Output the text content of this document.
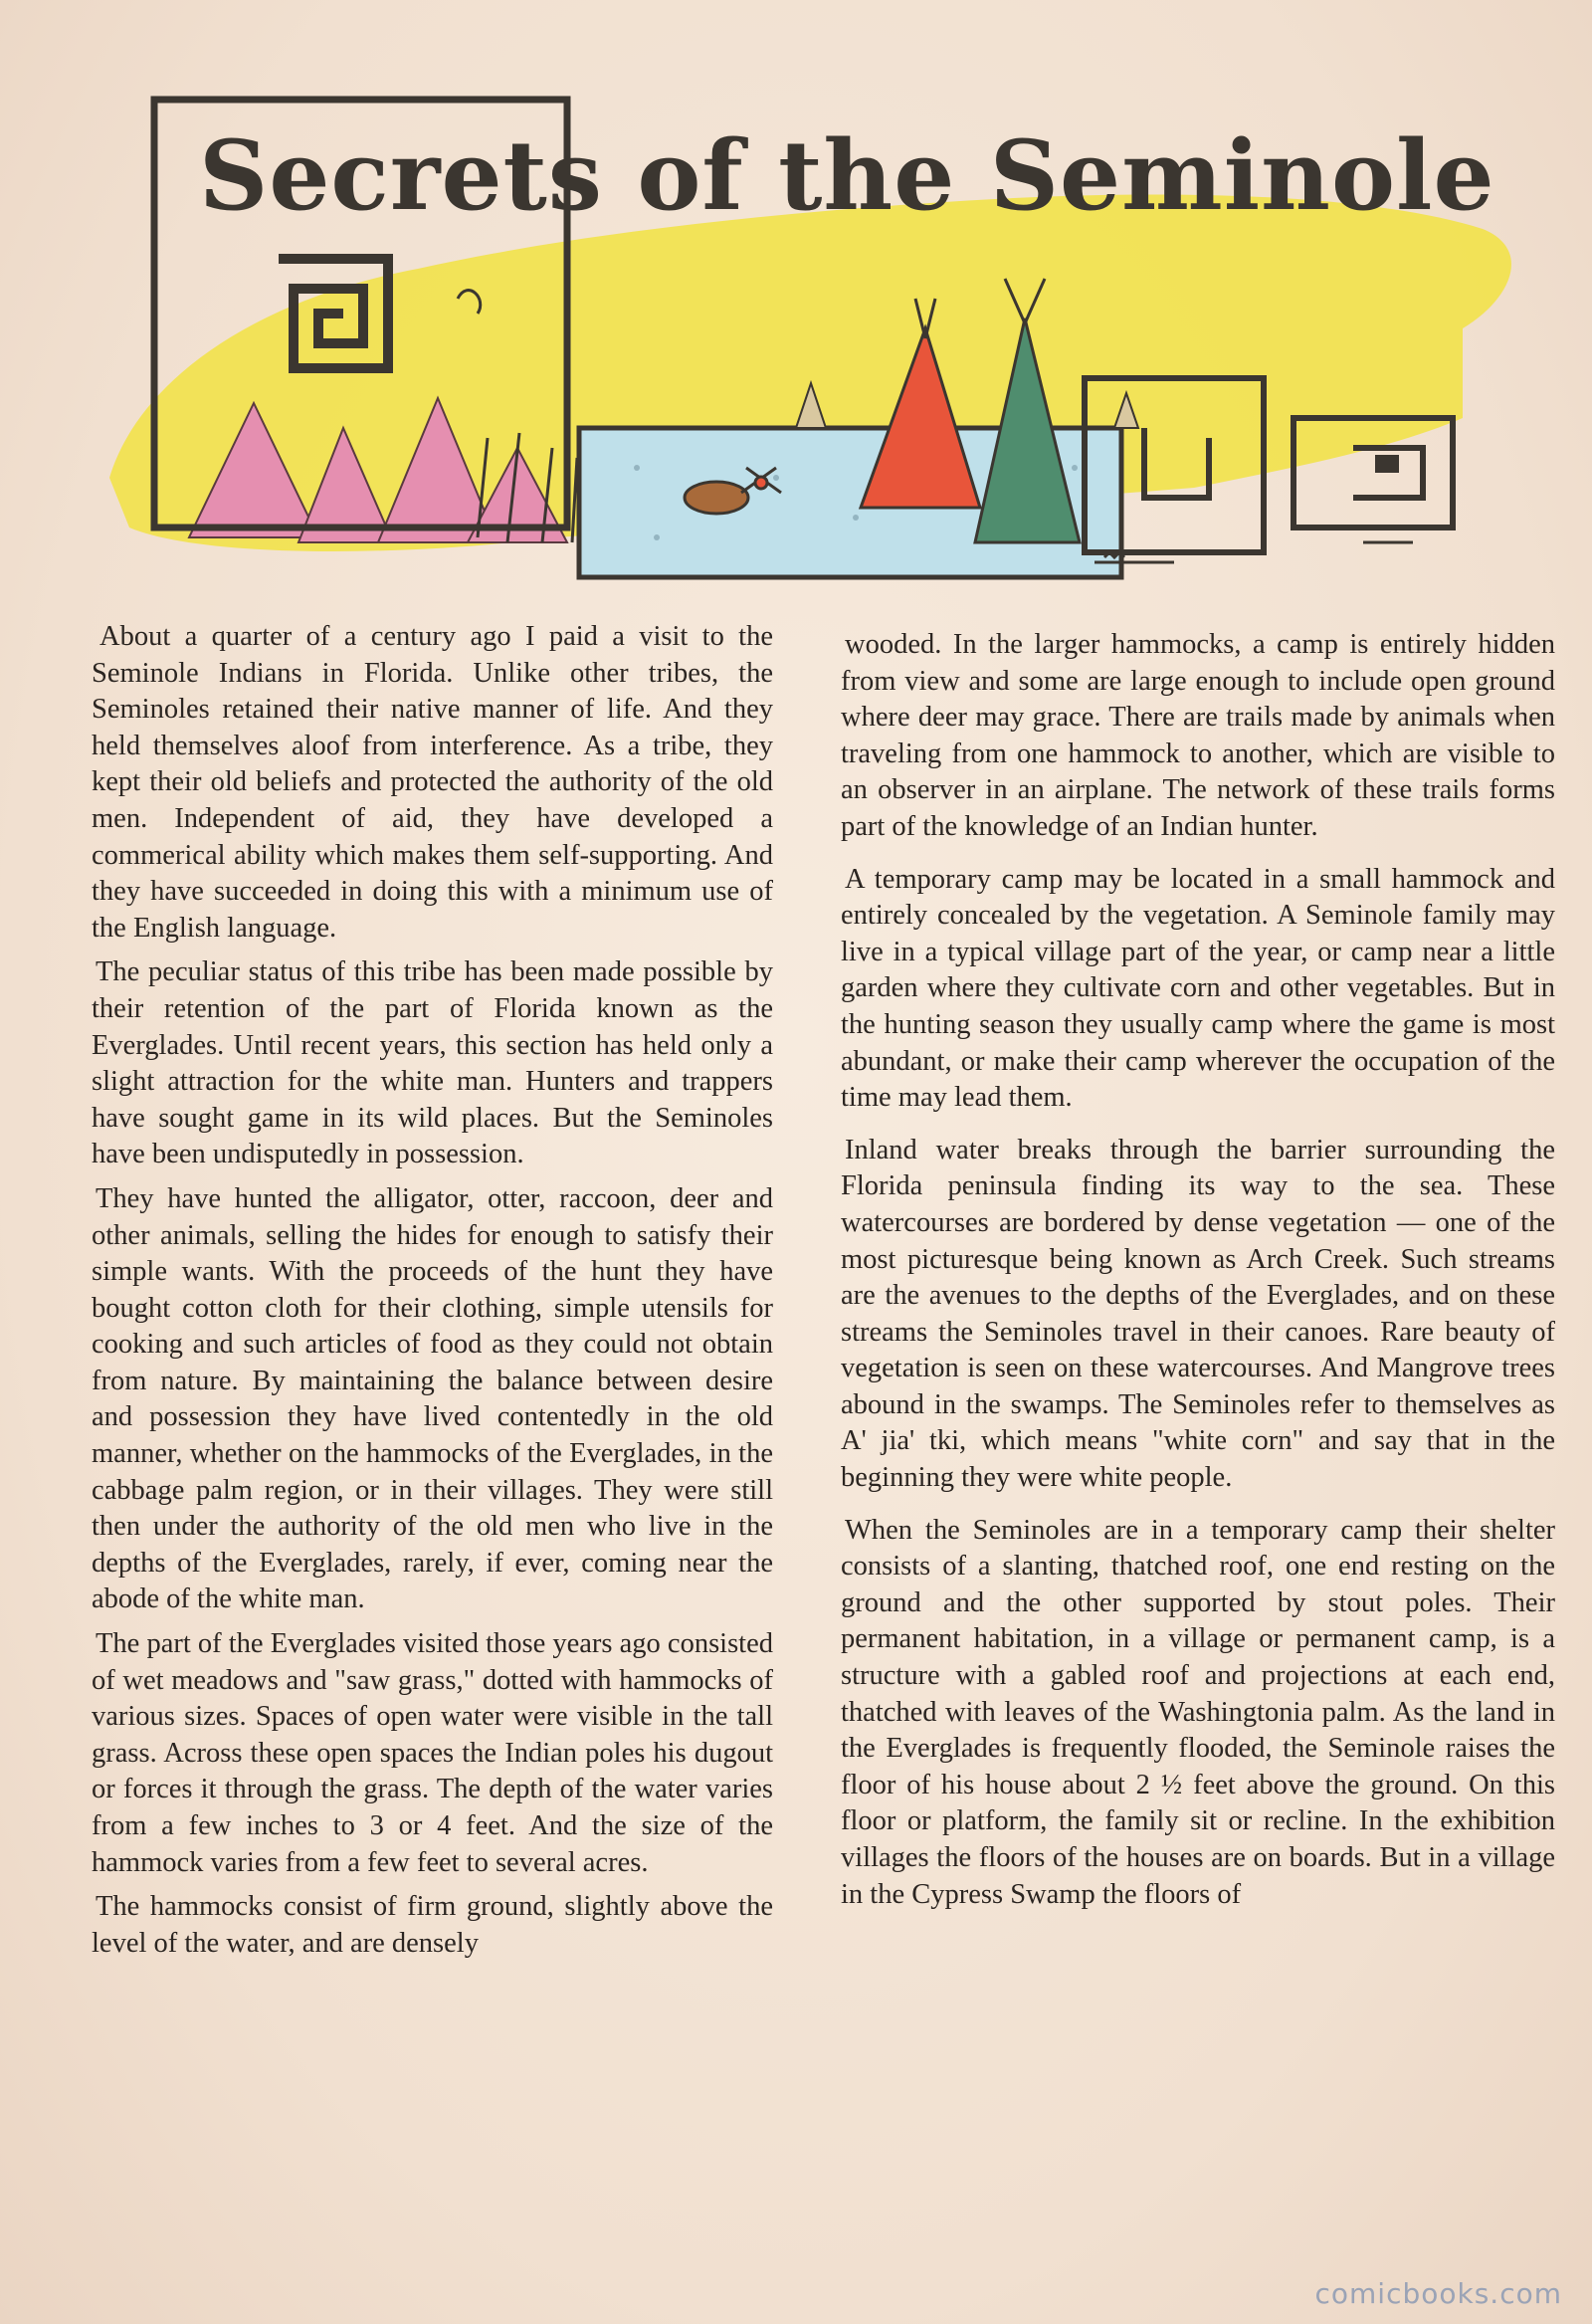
Secrets of the Seminole

About a quarter of a century ago I paid a visit to the Seminole Indians in Florida. Unlike other tribes, the Seminoles retained their native manner of life. And they held themselves aloof from interference. As a tribe, they kept their old beliefs and protected the authority of the old men. Independent of aid, they have developed a commerical ability which makes them self-supporting. And they have succeeded in doing this with a minimum use of the English language.

The peculiar status of this tribe has been made possible by their retention of the part of Florida known as the Everglades. Until recent years, this section has held only a slight attraction for the white man. Hunters and trappers have sought game in its wild places. But the Seminoles have been undisputedly in possession.

They have hunted the alligator, otter, raccoon, deer and other animals, selling the hides for enough to satisfy their simple wants. With the proceeds of the hunt they have bought cotton cloth for their clothing, simple utensils for cooking and such articles of food as they could not obtain from nature. By maintaining the balance between desire and possession they have lived contentedly in the old manner, whether on the hammocks of the Everglades, in the cabbage palm region, or in their villages. They were still then under the authority of the old men who live in the depths of the Everglades, rarely, if ever, coming near the abode of the white man.

The part of the Everglades visited those years ago consisted of wet meadows and "saw grass," dotted with hammocks of various sizes. Spaces of open water were visible in the tall grass. Across these open spaces the Indian poles his dugout or forces it through the grass. The depth of the water varies from a few inches to 3 or 4 feet. And the size of the hammock varies from a few feet to several acres.

The hammocks consist of firm ground, slightly above the level of the water, and are densely

wooded. In the larger hammocks, a camp is entirely hidden from view and some are large enough to include open ground where deer may grace. There are trails made by animals when traveling from one hammock to another, which are visible to an observer in an airplane. The network of these trails forms part of the knowledge of an Indian hunter.

A temporary camp may be located in a small hammock and entirely concealed by the vegetation. A Seminole family may live in a typical village part of the year, or camp near a little garden where they cultivate corn and other vegetables. But in the hunting season they usually camp where the game is most abundant, or make their camp wherever the occupation of the time may lead them.

Inland water breaks through the barrier surrounding the Florida peninsula finding its way to the sea. These watercourses are bordered by dense vegetation — one of the most picturesque being known as Arch Creek. Such streams are the avenues to the depths of the Everglades, and on these streams the Seminoles travel in their canoes. Rare beauty of vegetation is seen on these watercourses. And Mangrove trees abound in the swamps. The Seminoles refer to themselves as A' jia' tki, which means "white corn" and say that in the beginning they were white people.

When the Seminoles are in a temporary camp their shelter consists of a slanting, thatched roof, one end resting on the ground and the other supported by stout poles. Their permanent habitation, in a village or permanent camp, is a structure with a gabled roof and projections at each end, thatched with leaves of the Washingtonia palm. As the land in the Everglades is frequently flooded, the Seminole raises the floor of his house about 2 ½ feet above the ground. On this floor or platform, the family sit or recline. In the exhibition villages the floors of the houses are on boards. But in a village in the Cypress Swamp the floors of

comicbooks.com
